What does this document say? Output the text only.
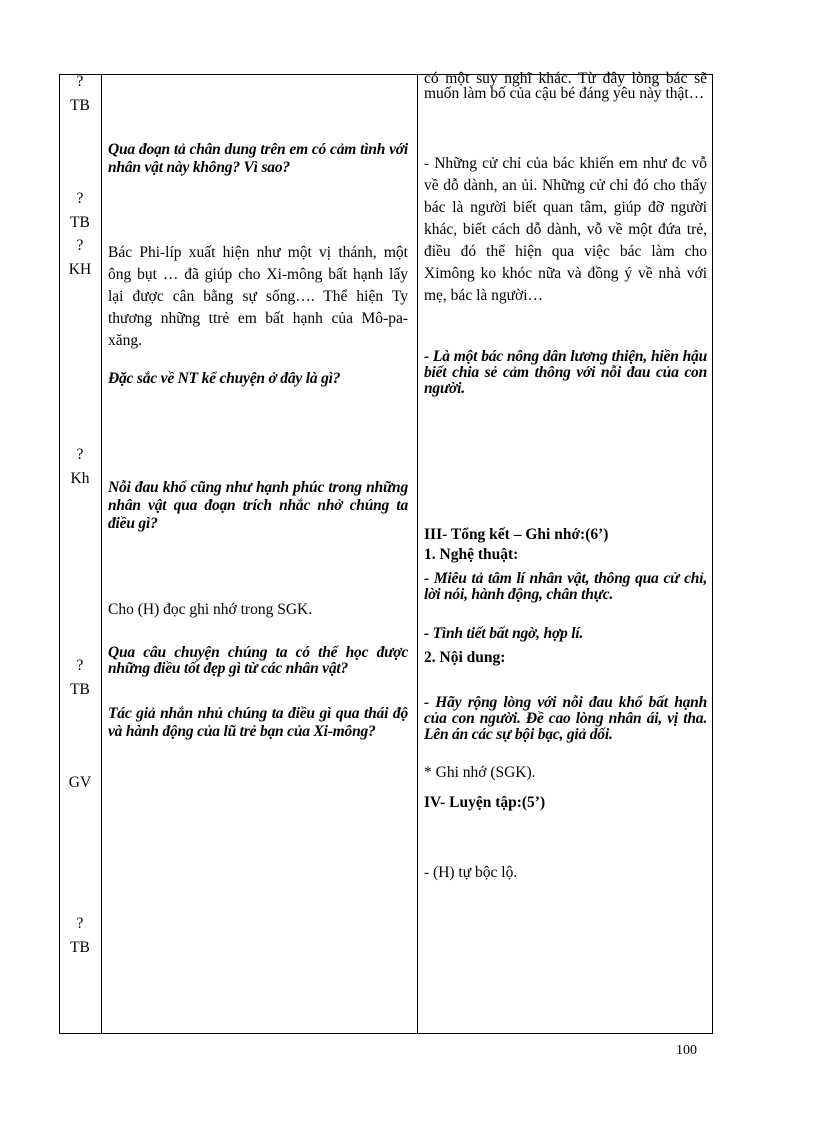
?

TB

?

TB

?

KH

?

Kh

?

TB

GV

?

TB

Qua đoạn tả chân dung trên em có cảm tình với nhân vật này không? Vì sao?

Bác Phi-líp xuất hiện như một vị thánh, một ông bụt … đã giúp cho Xi-mông bất hạnh lấy lại được cân bằng sự sống…. Thể hiện Ty thương những ttrẻ em bất hạnh của Mô-pa-xăng.

Đặc sắc về NT kể chuyện ở đây là gì?

Nỗi đau khổ cũng như hạnh phúc trong những nhân vật qua đoạn trích nhắc nhở chúng ta điều gì?

Cho (H) đọc ghi nhớ trong SGK.

Qua câu chuyện chúng ta có thể học được những điều tốt đẹp gì từ các nhân vật?

Tác giả nhắn nhủ chúng ta điều gì qua thái độ và hành động của lũ trẻ bạn của Xi-mông?

có một suy nghĩ khác. Từ đây lòng bác sẽ muốn làm bố của cậu bé đáng yêu này thật…

- Những cử chỉ của bác khiến em như đc vỗ về dỗ dành, an ủi. Những cử chỉ đó cho thấy bác là người biết quan tâm, giúp đỡ người khác, biết cách dỗ dành, vỗ về một đứa trẻ, điều đó thể hiện qua việc bác làm cho Ximông ko khóc nữa và đồng ý về nhà với mẹ, bác là người…

- Là một bác nông dân lương thiện, hiền hậu biết chia sẻ cảm thông với nỗi đau của con người.

III- Tổng kết – Ghi nhớ:(6’)

1. Nghệ thuật:

- Miêu tả tâm lí nhân vật, thông qua cử chỉ, lời nói, hành động, chân thực.

- Tình tiết bất ngờ, hợp lí.

2. Nội dung:

- Hãy rộng lòng với nỗi đau khổ bất hạnh của con người. Đề cao lòng nhân ái, vị tha. Lên án các sự bội bạc, giả dối.

* Ghi nhớ (SGK).

IV- Luyện tập:(5’)

- (H) tự bộc lộ.

100
